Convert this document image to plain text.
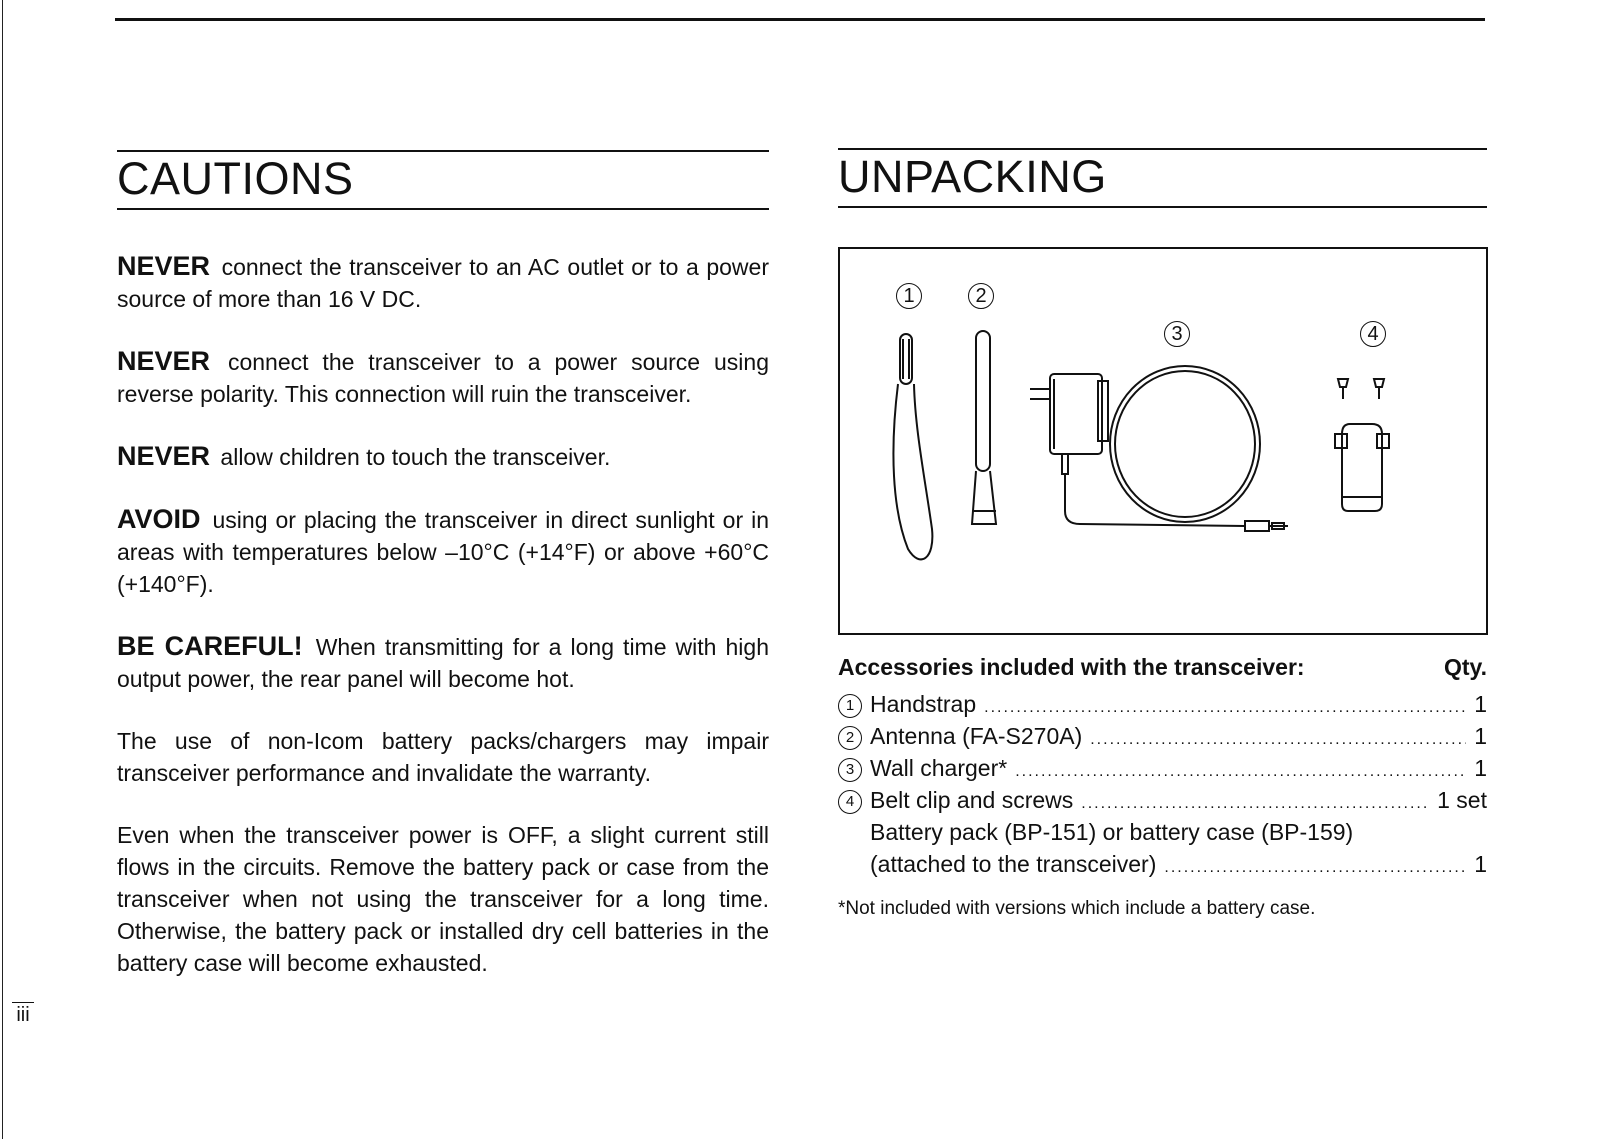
CAUTIONS

NEVER connect the transceiver to an AC outlet or to a power source of more than 16 V DC.

NEVER connect the transceiver to a power source using reverse polarity. This connection will ruin the transceiver.

NEVER allow children to touch the transceiver.

AVOID using or placing the transceiver in direct sunlight or in areas with temperatures below –10°C (+14°F) or above +60°C (+140°F).

BE CAREFUL! When transmitting for a long time with high output power, the rear panel will become hot.

The use of non-Icom battery packs/chargers may impair transceiver performance and invalidate the warranty.

Even when the transceiver power is OFF, a slight current still flows in the circuits. Remove the battery pack or case from the transceiver when not using the transceiver for a long time. Otherwise, the battery pack or installed dry cell batteries in the battery case will become exhausted.

UNPACKING
1	2
3	4
Accessories included with the transceiver:	Qty.
1 Handstrap .....	1
2 Antenna (FA-S270A) .....	1
3 Wall charger* .....	1
4 Belt clip and screws .....	1 set
Battery pack (BP-151) or battery case (BP-159)
(attached to the transceiver) .....	1
*Not included with versions which include a battery case.
iii
